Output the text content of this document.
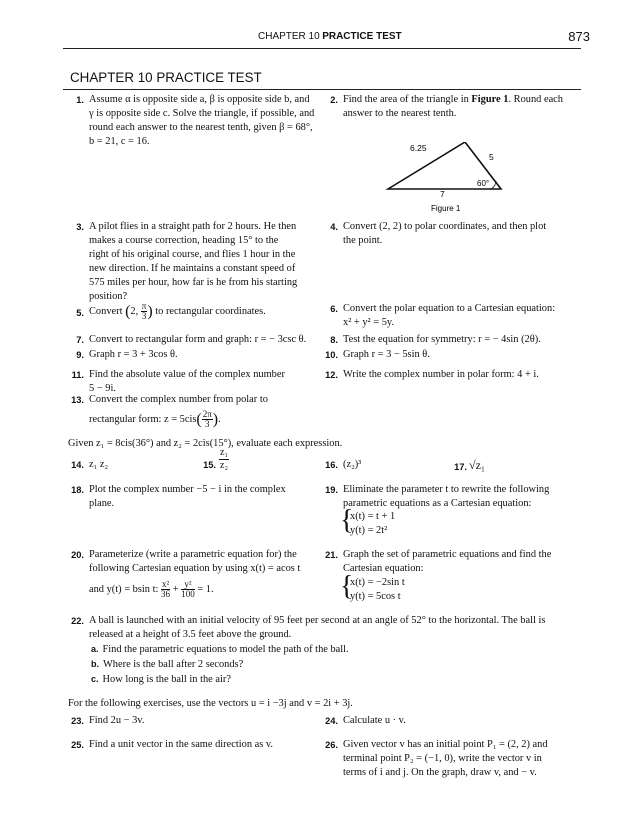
CHAPTER 10 PRACTICE TEST	873
CHAPTER 10 PRACTICE TEST
1. Assume α is opposite side a, β is opposite side b, and
γ is opposite side c. Solve the triangle, if possible, and
round each answer to the nearest tenth, given β = 68°,
b = 21, c = 16.
2. Find the area of the triangle in Figure 1. Round each
answer to the nearest tenth.
6.25
5
7
60°
Figure 1
3. A pilot flies in a straight path for 2 hours. He then
makes a course correction, heading 15° to the
right of his original course, and flies 1 hour in the
new direction. If he maintains a constant speed of
575 miles per hour, how far is he from his starting
position?
4. Convert (2, 2) to polar coordinates, and then plot
the point.
5. Convert (2, $\frac{\pi}{3}$ ) to rectangular coordinates.	6. Convert the polar equation to a Cartesian equation:
x² + y² = 5y.
7. Convert to rectangular form and graph: r = − 3csc θ.	8. Test the equation for symmetry: r = − 4sin (2θ).
9. Graph r = 3 + 3cos θ.	10. Graph r = 3 − 5sin θ.
11. Find the absolute value of the complex number
5 − 9i.
12. Write the complex number in polar form: 4 + i.
13. Convert the complex number from polar to
rectangular form: $z = 5cis( \frac{2\pi}{3}$ ).
Given z₁ = 8cis(36°) and z₂ = 2cis(15°), evaluate each expression.
14. z₁ z₂	15. $\frac{\text{z₁}}{\text{z₂}}$	16. (z₂)³	17. √z₁
18. Plot the complex number −5 − i in the complex
plane.
19. Eliminate the parameter t to rewrite the following
parametric equations as a Cartesian equation:
{
x(t) = t + 1
y(t) = 2t²
20. Parameterize (write a parametric equation for) the
following Cartesian equation by using x(t) = acos t
and y(t) = bsin t: $\frac{\text{x²}}{36} + \frac{\text{y²}}{100} = 1$.
21. Graph the set of parametric equations and find the
Cartesian equation:
{
x(t) = −2sin t
y(t) = 5cos t
22. A ball is launched with an initial velocity of 95 feet per second at an angle of 52° to the horizontal. The ball is
released at a height of 3.5 feet above the ground.
a. Find the parametric equations to model the path of the ball.
b. Where is the ball after 2 seconds?
c. How long is the ball in the air?
For the following exercises, use the vectors u = i −3j and v = 2i + 3j.
23. Find 2u − 3v.	24. Calculate u · v.
25. Find a unit vector in the same direction as v.	26. Given vector v has an initial point P₁ = (2, 2) and
terminal point P₂ = (−1, 0), write the vector v in
terms of i and j. On the graph, draw v, and − v.
